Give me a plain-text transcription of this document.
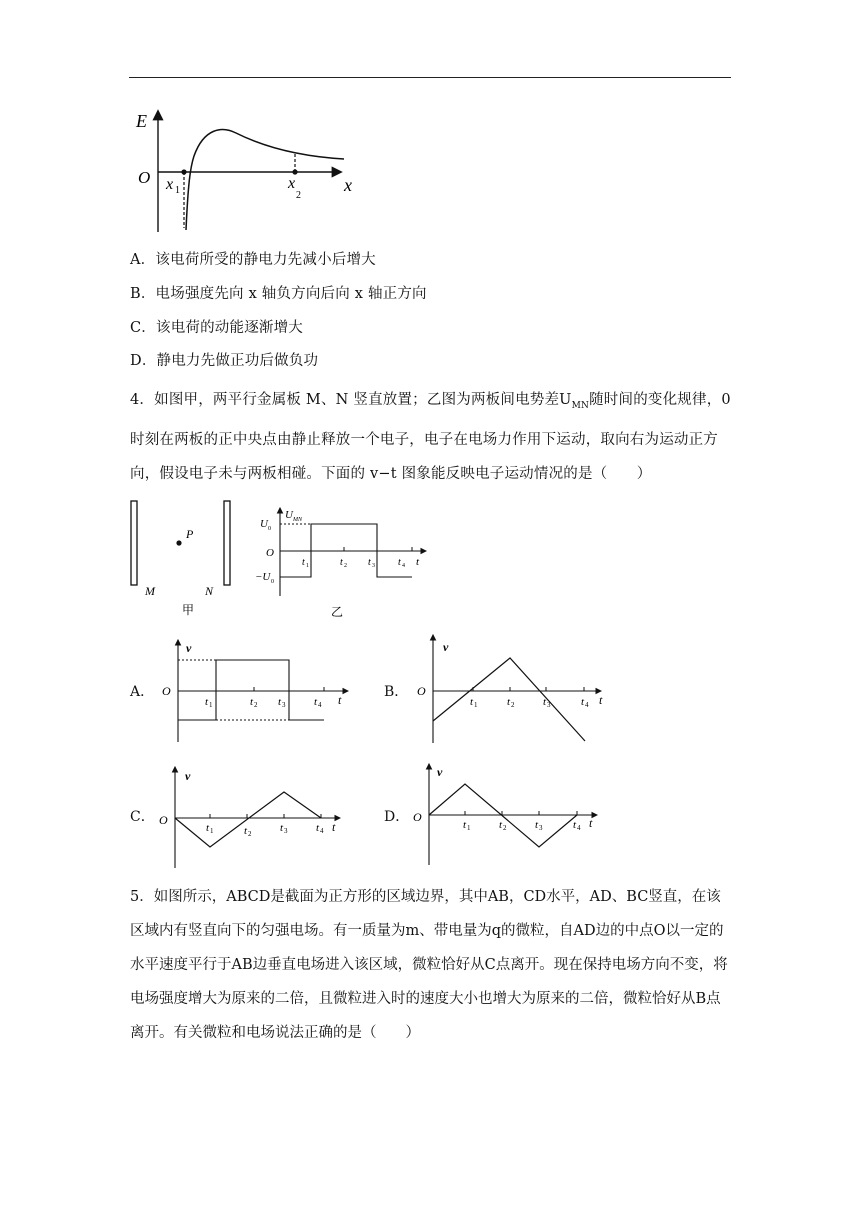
E
O x 1	x
2
x
A．该电荷所受的静电力先减小后增大
B．电场强度先向 x 轴负方向后向 x 轴正方向
C．该电荷的动能逐渐增大
D．静电力先做正功后做负功
4．如图甲，两平行金属板 M、N 竖直放置；乙图为两板间电势差$U_{MN}$随时间的变化规律，0
时刻在两板的正中央点由静止释放一个电子，电子在电场力作用下运动，取向右为运动正方
向，假设电子未与两板相碰。下面的 v−t 图象能反映电子运动情况的是（　　）
P
M	N
甲
U MN
U 0
O
−U 0
t 1	t 2 t 3 t 4 t
乙
A．
v
O
t 1	t 2 t 3	t 4 t	B．
v
O
t 1	t 2	t 3	t 4 t
C．
v
O
t 1	t 2	t 3	t 4 t
D．
v
O
t 1	t 2	t 3	t 4 t
5．如图所示，ABCD是截面为正方形的区域边界，其中AB，CD水平，AD、BC竖直，在该区域内有竖直向下的匀强电场。有一质量为m、带电量为q的微粒，自AD边的中点O以一定的水平速度平行于AB边垂直电场进入该区域，微粒恰好从C点离开。现在保持电场方向不变，将电场强度增大为原来的二倍，且微粒进入时的速度大小也增大为原来的二倍，微粒恰好从B点离开。有关微粒和电场说法正确的是（　　）
